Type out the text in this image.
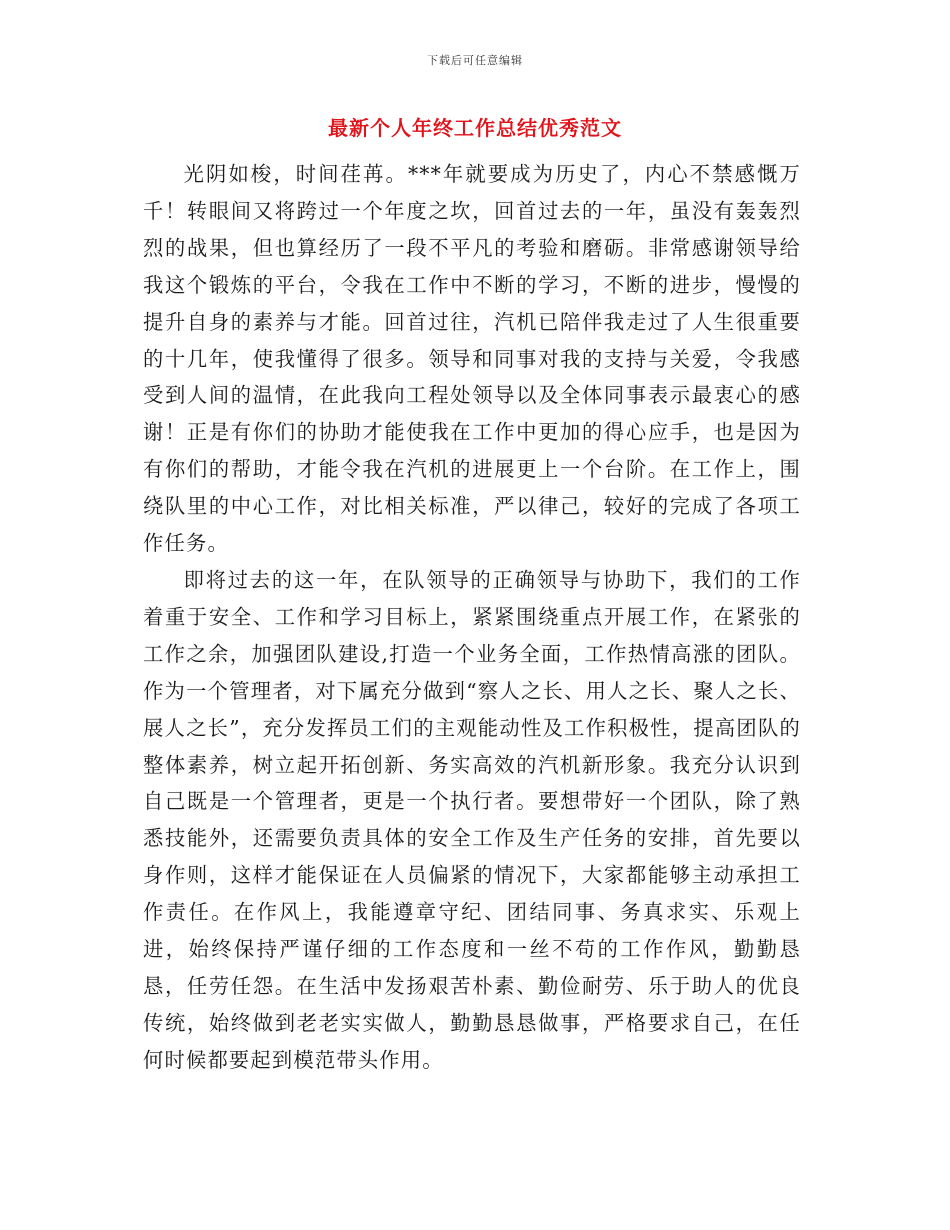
下载后可任意编辑
最新个人年终工作总结优秀范文

光阴如梭，时间荏苒。***年就要成为历史了，内心不禁感慨万千！转眼间又将跨过一个年度之坎，回首过去的一年，虽没有轰轰烈烈的战果，但也算经历了一段不平凡的考验和磨砺。非常感谢领导给我这个锻炼的平台，令我在工作中不断的学习，不断的进步，慢慢的提升自身的素养与才能。回首过往，汽机已陪伴我走过了人生很重要的十几年，使我懂得了很多。领导和同事对我的支持与关爱，令我感受到人间的温情，在此我向工程处领导以及全体同事表示最衷心的感谢！正是有你们的协助才能使我在工作中更加的得心应手，也是因为有你们的帮助，才能令我在汽机的进展更上一个台阶。在工作上，围绕队里的中心工作，对比相关标准，严以律己，较好的完成了各项工作任务。

即将过去的这一年，在队领导的正确领导与协助下，我们的工作着重于安全、工作和学习目标上，紧紧围绕重点开展工作，在紧张的工作之余，加强团队建设,打造一个业务全面，工作热情高涨的团队。作为一个管理者，对下属充分做到“察人之长、用人之长、聚人之长、展人之长”，充分发挥员工们的主观能动性及工作积极性，提高团队的整体素养，树立起开拓创新、务实高效的汽机新形象。我充分认识到自己既是一个管理者，更是一个执行者。要想带好一个团队，除了熟悉技能外，还需要负责具体的安全工作及生产任务的安排，首先要以身作则，这样才能保证在人员偏紧的情况下，大家都能够主动承担工作责任。在作风上，我能遵章守纪、团结同事、务真求实、乐观上进，始终保持严谨仔细的工作态度和一丝不苟的工作作风，勤勤恳恳，任劳任怨。在生活中发扬艰苦朴素、勤俭耐劳、乐于助人的优良传统，始终做到老老实实做人，勤勤恳恳做事，严格要求自己，在任何时候都要起到模范带头作用。
